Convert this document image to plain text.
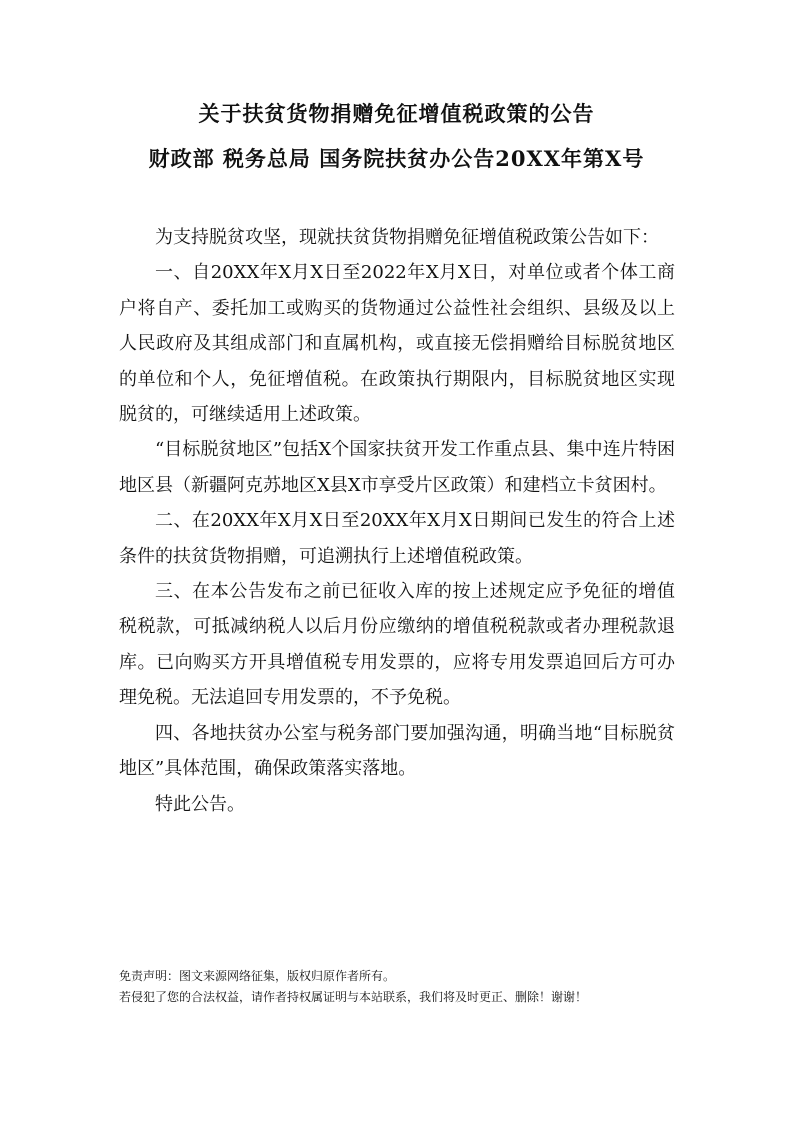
关于扶贫货物捐赠免征增值税政策的公告
财政部 税务总局 国务院扶贫办公告20XX年第X号

为支持脱贫攻坚，现就扶贫货物捐赠免征增值税政策公告如下：

一、自20XX年X月X日至2022年X月X日，对单位或者个体工商户将自产、委托加工或购买的货物通过公益性社会组织、县级及以上人民政府及其组成部门和直属机构，或直接无偿捐赠给目标脱贫地区的单位和个人，免征增值税。在政策执行期限内，目标脱贫地区实现脱贫的，可继续适用上述政策。

“目标脱贫地区”包括X个国家扶贫开发工作重点县、集中连片特困地区县（新疆阿克苏地区X县X市享受片区政策）和建档立卡贫困村。

二、在20XX年X月X日至20XX年X月X日期间已发生的符合上述条件的扶贫货物捐赠，可追溯执行上述增值税政策。

三、在本公告发布之前已征收入库的按上述规定应予免征的增值税税款，可抵减纳税人以后月份应缴纳的增值税税款或者办理税款退库。已向购买方开具增值税专用发票的，应将专用发票追回后方可办理免税。无法追回专用发票的，不予免税。

四、各地扶贫办公室与税务部门要加强沟通，明确当地“目标脱贫地区”具体范围，确保政策落实落地。

特此公告。

免责声明：图文来源网络征集，版权归原作者所有。
若侵犯了您的合法权益，请作者持权属证明与本站联系，我们将及时更正、删除！谢谢！
